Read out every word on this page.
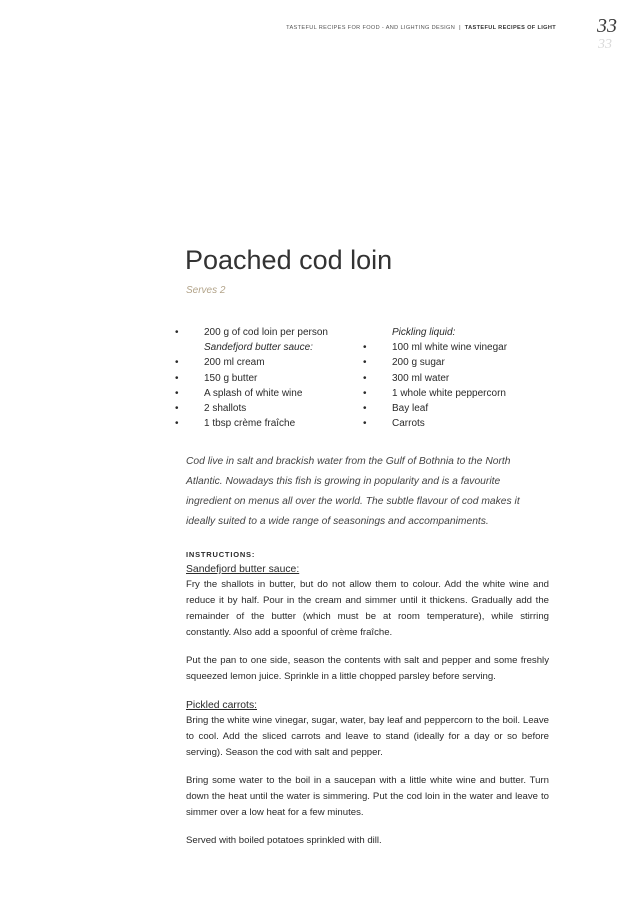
TASTEFUL RECIPES FOR FOOD - AND LIGHTING DESIGN | TASTEFUL RECIPES OF LIGHT 33
33
Poached cod loin
Serves 2
• 200 g of cod loin per person
Sandefjord butter sauce:
• 200 ml cream
• 150 g butter
• A splash of white wine
• 2 shallots
• 1 tbsp crème fraîche
Pickling liquid:
• 100 ml white wine vinegar
• 200 g sugar
• 300 ml water
• 1 whole white peppercorn
• Bay leaf
• Carrots
Cod live in salt and brackish water from the Gulf of Bothnia to the North Atlantic. Nowadays this fish is growing in popularity and is a favourite ingredient on menus all over the world. The subtle flavour of cod makes it ideally suited to a wide range of seasonings and accompaniments.
INSTRUCTIONS:
Sandefjord butter sauce:

Fry the shallots in butter, but do not allow them to colour. Add the white wine and reduce it by half. Pour in the cream and simmer until it thickens. Gradually add the remainder of the butter (which must be at room temperature), while stirring constantly. Also add a spoonful of crème fraîche.

Put the pan to one side, season the contents with salt and pepper and some freshly squeezed lemon juice. Sprinkle in a little chopped parsley before serving.

Pickled carrots:

Bring the white wine vinegar, sugar, water, bay leaf and peppercorn to the boil. Leave to cool. Add the sliced carrots and leave to stand (ideally for a day or so before serving). Season the cod with salt and pepper.

Bring some water to the boil in a saucepan with a little white wine and butter. Turn down the heat until the water is simmering. Put the cod loin in the water and leave to simmer over a low heat for a few minutes.

Served with boiled potatoes sprinkled with dill.
